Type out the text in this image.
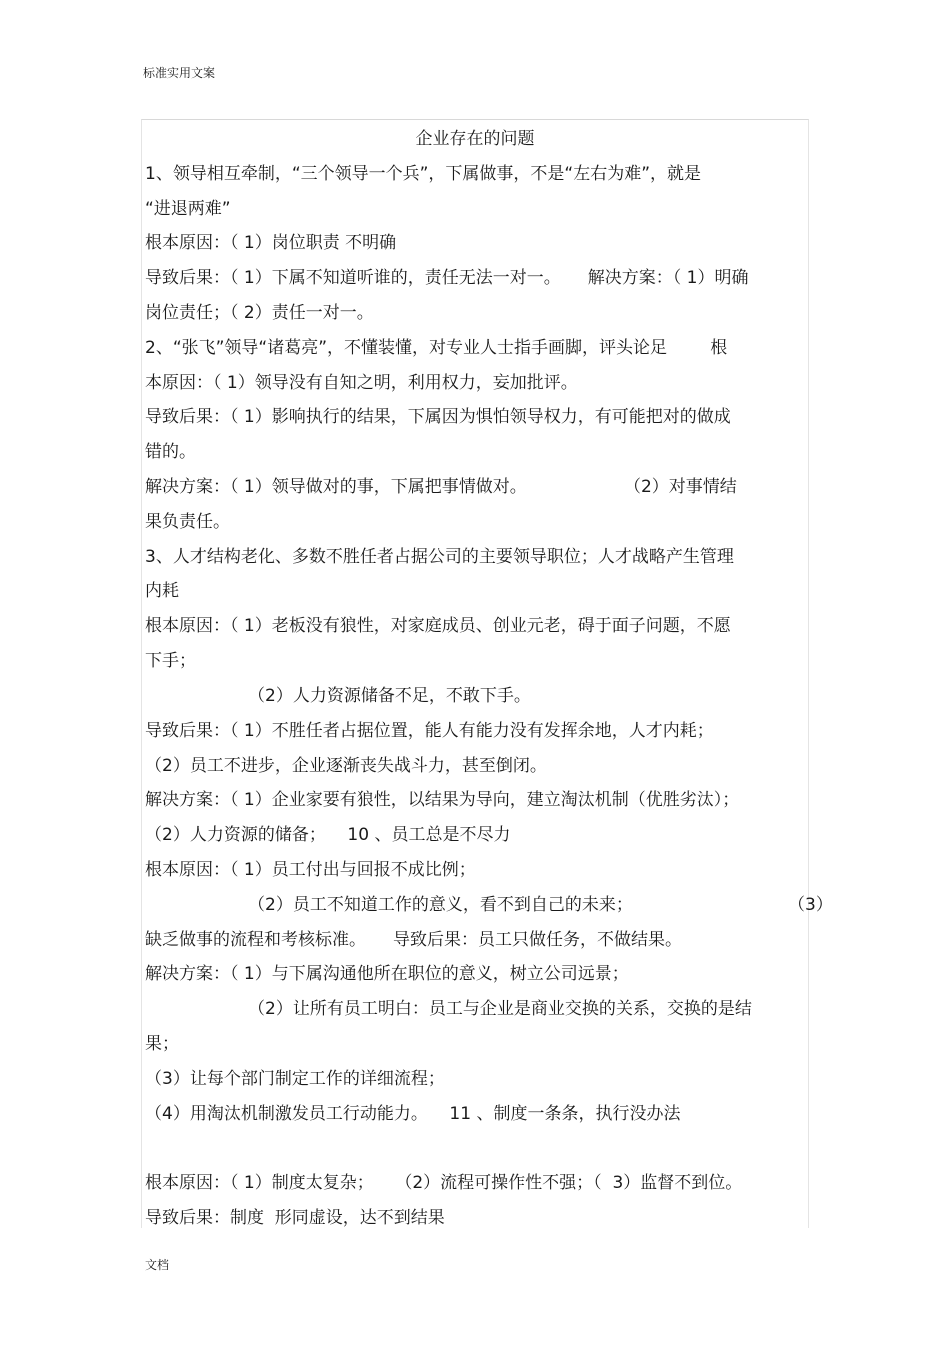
标准实用文案
企业存在的问题
1、领导相互牵制，“三个领导一个兵”，下属做事，不是“左右为难”，就是
“进退两难”
根本原因：（ 1）岗位职责 不明确
导致后果：（ 1）下属不知道听谁的，责任无法一对一。     解决方案：（ 1）明确
岗位责任；（ 2）责任一对一。
2、“张飞”领导“诸葛亮”，不懂装懂，对专业人士指手画脚，评头论足        根
本原因：（ 1）领导没有自知之明，利用权力，妄加批评。
导致后果：（ 1）影响执行的结果，下属因为惧怕领导权力，有可能把对的做成
错的。
解决方案：（ 1）领导做对的事，下属把事情做对。                  （2）对事情结
果负责任。
3、人才结构老化、多数不胜任者占据公司的主要领导职位；人才战略产生管理
内耗
根本原因：（ 1）老板没有狼性，对家庭成员、创业元老，碍于面子问题，不愿
下手；
（2）人力资源储备不足，不敢下手。
导致后果：（ 1）不胜任者占据位置，能人有能力没有发挥余地，人才内耗；
（2）员工不进步，企业逐渐丧失战斗力，甚至倒闭。
解决方案：（ 1）企业家要有狼性，以结果为导向，建立淘汰机制（优胜劣汰）；
（2）人力资源的储备；    10 、员工总是不尽力
根本原因：（ 1）员工付出与回报不成比例；
（2）员工不知道工作的意义，看不到自己的未来；	（3）
缺乏做事的流程和考核标准。     导致后果：员工只做任务，不做结果。
解决方案：（ 1）与下属沟通他所在职位的意义，树立公司远景；
（2）让所有员工明白：员工与企业是商业交换的关系，交换的是结
果；
（3）让每个部门制定工作的详细流程；
（4）用淘汰机制激发员工行动能力。    11 、制度一条条，执行没办法
根本原因：（ 1）制度太复杂；    （2）流程可操作性不强；（  3）监督不到位。
导致后果：制度  形同虚设，达不到结果
文档
